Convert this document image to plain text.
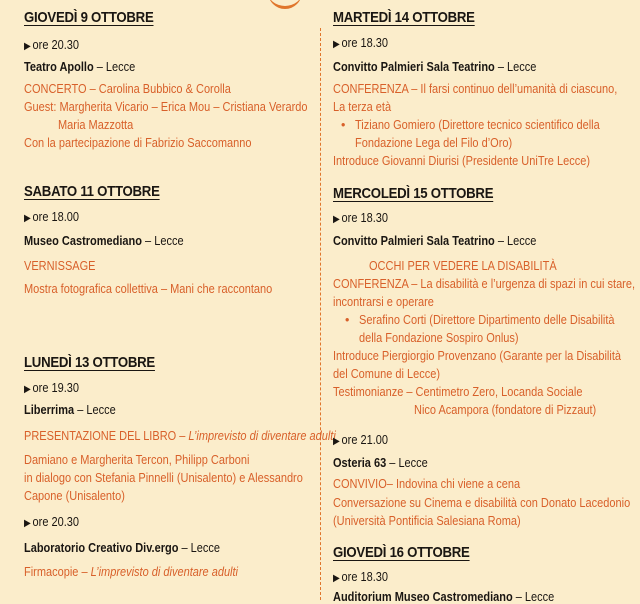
GIOVEDÌ 9 OTTOBRE
▶ ore 20.30
Teatro Apollo – Lecce
CONCERTO – Carolina Bubbico & Corolla
Guest: Margherita Vicario – Erica Mou – Cristiana Verardo
Maria Mazzotta
Con la partecipazione di Fabrizio Saccomanno
SABATO 11 OTTOBRE
▶ ore 18.00
Museo Castromediano – Lecce
VERNISSAGE
Mostra fotografica collettiva – Mani che raccontano
LUNEDÌ 13 OTTOBRE
▶ ore 19.30
Liberrima – Lecce
PRESENTAZIONE DEL LIBRO – L’imprevisto di diventare adulti
Damiano e Margherita Tercon, Philipp Carboni
in dialogo con Stefania Pinnelli (Unisalento) e Alessandro
Capone (Unisalento)
▶ ore 20.30
Laboratorio Creativo Div.ergo – Lecce
Firmacopie – L’imprevisto di diventare adulti
MARTEDÌ 14 OTTOBRE
▶ ore 18.30
Convitto Palmieri Sala Teatrino – Lecce
CONFERENZA – Il farsi continuo dell’umanità di ciascuno,
La terza età
• Tiziano Gomiero (Direttore tecnico scientifico della
Fondazione Lega del Filo d’Oro)
Introduce Giovanni Diurisi (Presidente UniTre Lecce)
MERCOLEDÌ 15 OTTOBRE
▶ ore 18.30
Convitto Palmieri Sala Teatrino – Lecce
OCCHI PER VEDERE LA DISABILITÀ
CONFERENZA – La disabilità e l’urgenza di spazi in cui stare,
incontrarsi e operare
• Serafino Corti (Direttore Dipartimento delle Disabilità
della Fondazione Sospiro Onlus)
Introduce Piergiorgio Provenzano (Garante per la Disabilità
del Comune di Lecce)
Testimonianze – Centimetro Zero, Locanda Sociale
Nico Acampora (fondatore di Pizzaut)
▶ ore 21.00
Osteria 63 – Lecce
CONVIVIO– Indovina chi viene a cena
Conversazione su Cinema e disabilità con Donato Lacedonio
(Università Pontificia Salesiana Roma)
GIOVEDÌ 16 OTTOBRE
▶ ore 18.30
Auditorium Museo Castromediano – Lecce
